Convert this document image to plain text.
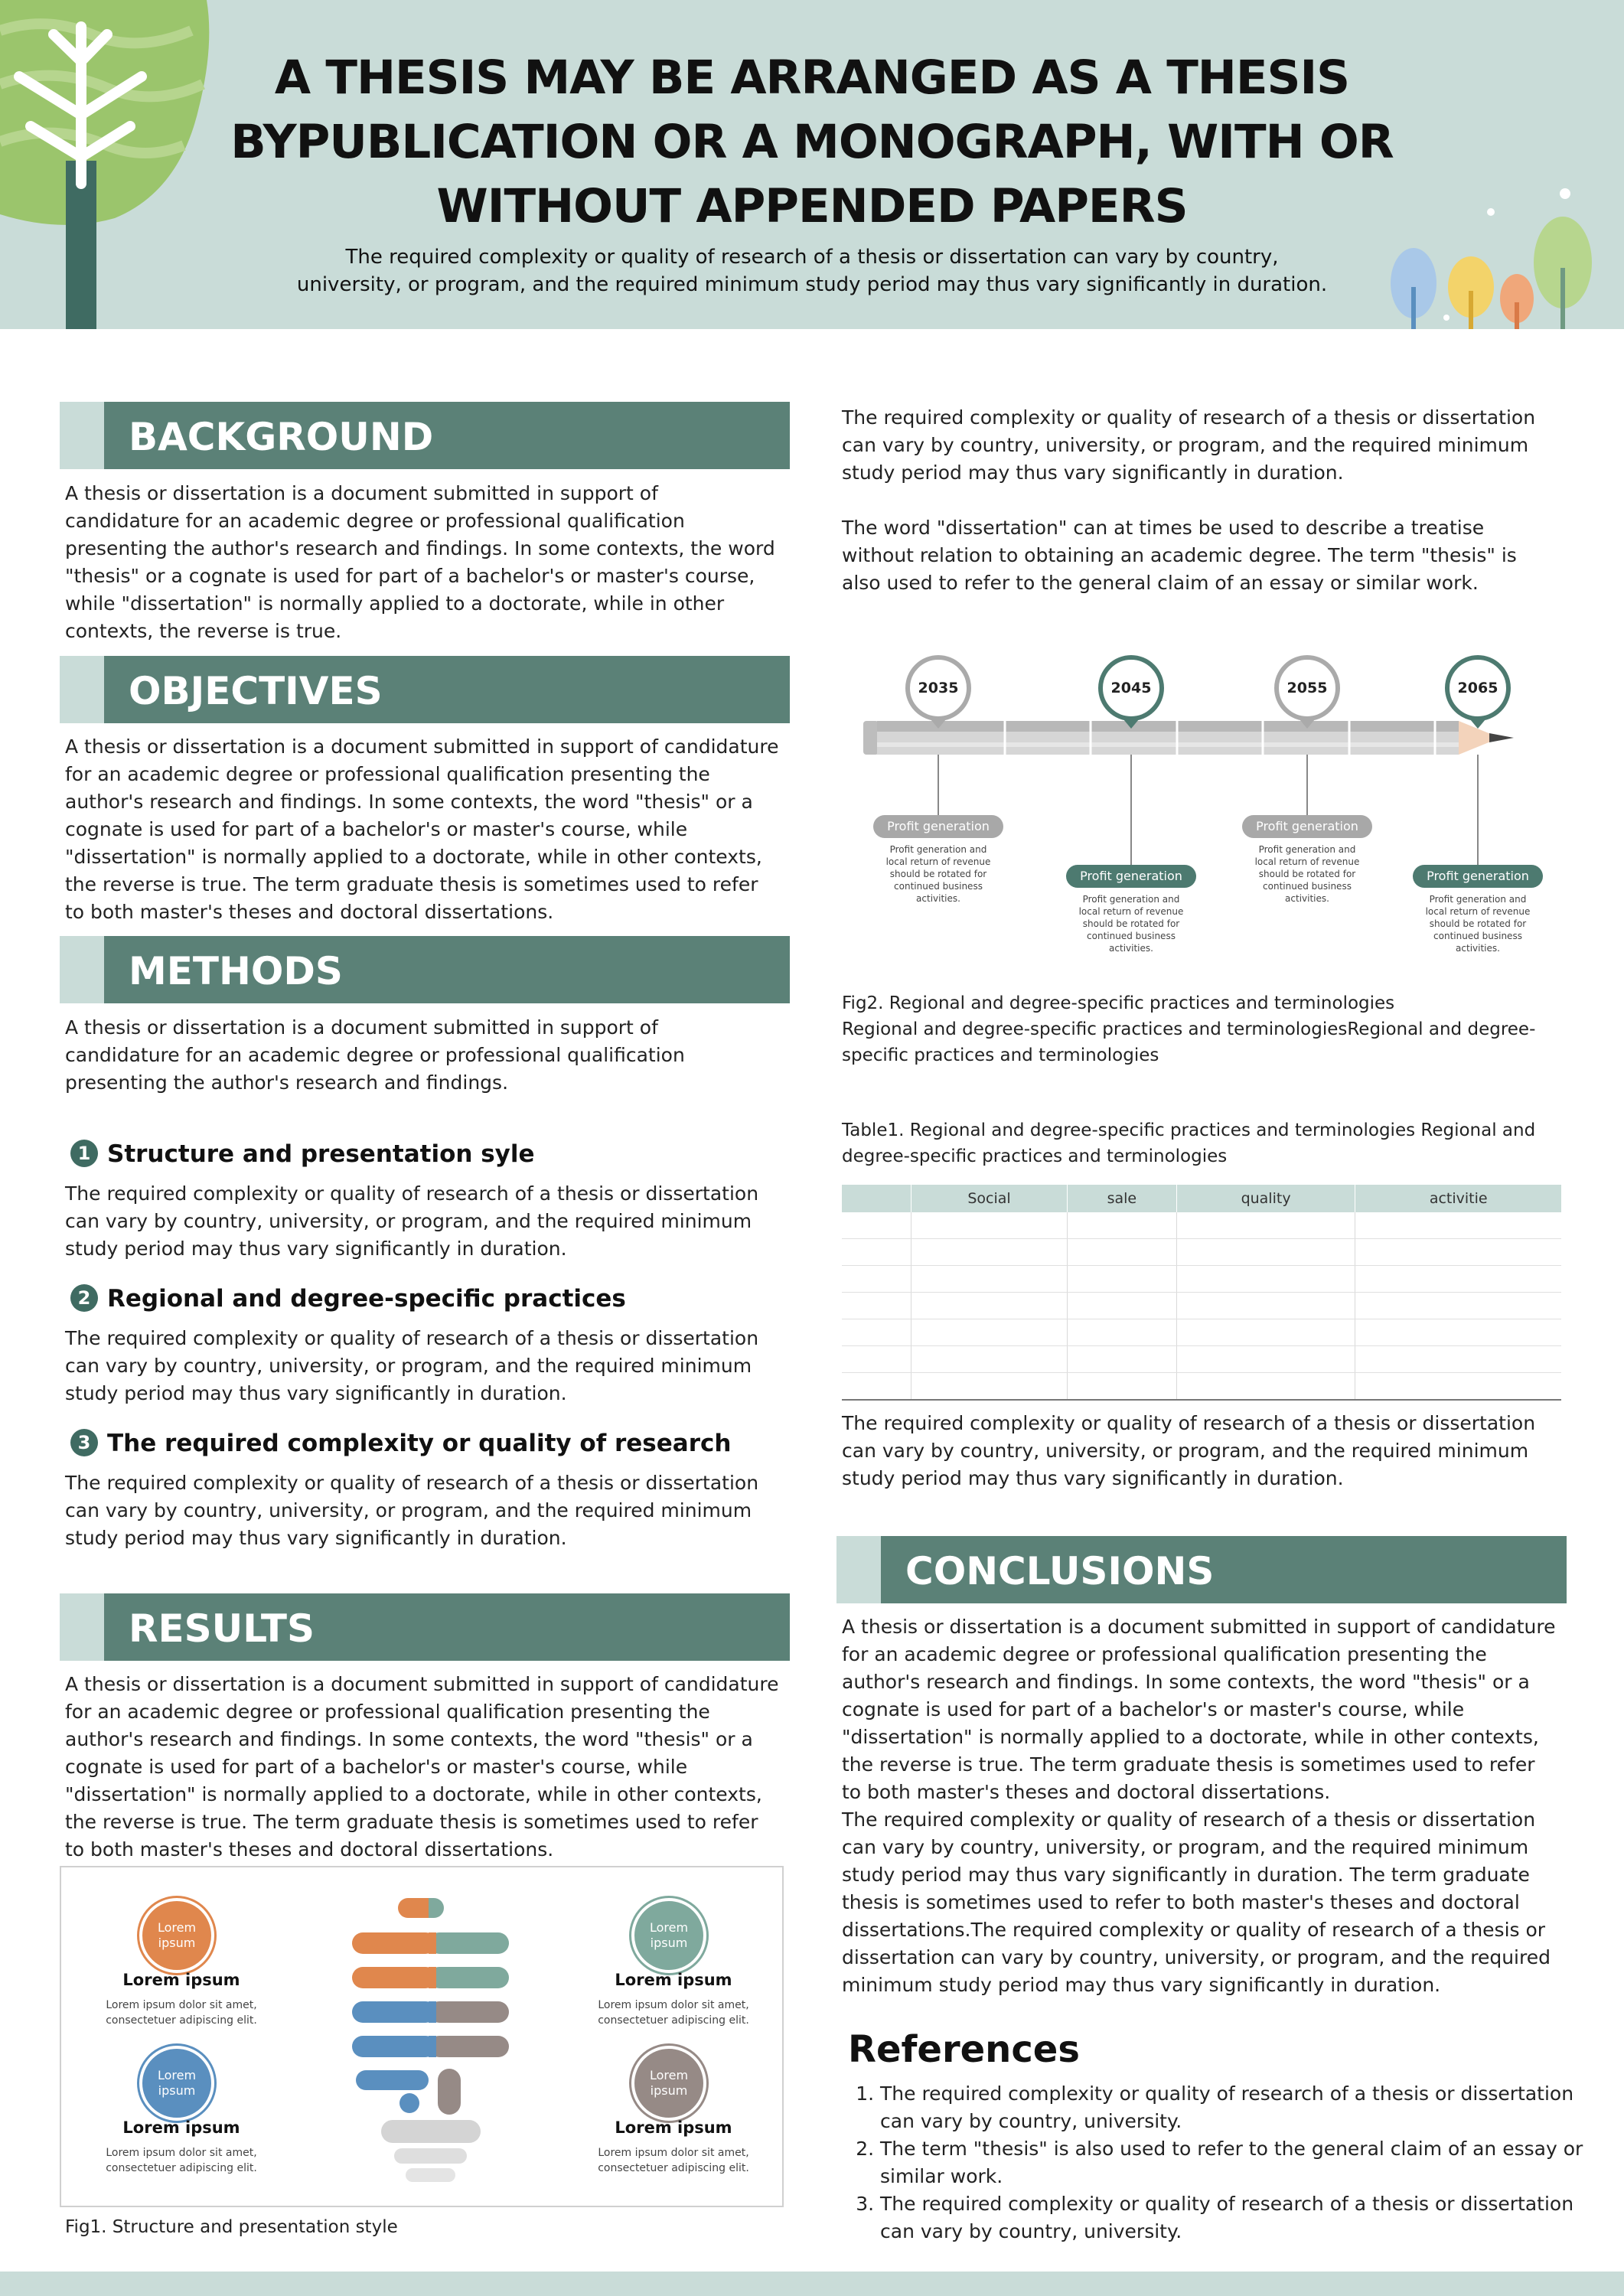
A THESIS MAY BE ARRANGED AS A THESIS BYPUBLICATION OR A MONOGRAPH, WITH OR WITHOUT APPENDED PAPERS
The required complexity or quality of research of a thesis or dissertation can vary by country, university, or program, and the required minimum study period may thus vary significantly in duration.
BACKGROUND
A thesis or dissertation is a document submitted in support of candidature for an academic degree or professional qualification presenting the author's research and findings. In some contexts, the word "thesis" or a cognate is used for part of a bachelor's or master's course, while "dissertation" is normally applied to a doctorate, while in other contexts, the reverse is true.
OBJECTIVES
A thesis or dissertation is a document submitted in support of candidature for an academic degree or professional qualification presenting the author's research and findings. In some contexts, the word "thesis" or a cognate is used for part of a bachelor's or master's course, while "dissertation" is normally applied to a doctorate, while in other contexts, the reverse is true. The term graduate thesis is sometimes used to refer to both master's theses and doctoral dissertations.
METHODS
A thesis or dissertation is a document submitted in support of candidature for an academic degree or professional qualification presenting the author's research and findings.
1 Structure and presentation syle
The required complexity or quality of research of a thesis or dissertation can vary by country, university, or program, and the required minimum study period may thus vary significantly in duration.
2 Regional and degree-specific practices
The required complexity or quality of research of a thesis or dissertation can vary by country, university, or program, and the required minimum study period may thus vary significantly in duration.
3 The required complexity or quality of research
The required complexity or quality of research of a thesis or dissertation can vary by country, university, or program, and the required minimum study period may thus vary significantly in duration.
RESULTS
A thesis or dissertation is a document submitted in support of candidature for an academic degree or professional qualification presenting the author's research and findings. In some contexts, the word "thesis" or a cognate is used for part of a bachelor's or master's course, while "dissertation" is normally applied to a doctorate, while in other contexts, the reverse is true. The term graduate thesis is sometimes used to refer to both master's theses and doctoral dissertations.
Lorem ipsum
Lorem ipsum
Lorem ipsum dolor sit amet, consectetuer adipiscing elit.
Lorem ipsum
Lorem ipsum
Lorem ipsum dolor sit amet, consectetuer adipiscing elit.
Lorem ipsum
Lorem ipsum
Lorem ipsum dolor sit amet, consectetuer adipiscing elit.
Lorem ipsum
Lorem ipsum
Lorem ipsum dolor sit amet, consectetuer adipiscing elit.
Fig1. Structure and presentation style
The required complexity or quality of research of a thesis or dissertation can vary by country, university, or program, and the required minimum study period may thus vary significantly in duration.
The word "dissertation" can at times be used to describe a treatise without relation to obtaining an academic degree. The term "thesis" is also used to refer to the general claim of an essay or similar work.
2035	2045	2055	2065
Profit generation
Profit generation and local return of revenue should be rotated for continued business activities.
Profit generation
Profit generation and local return of revenue should be rotated for continued business activities.
Profit generation
Profit generation and local return of revenue should be rotated for continued business activities.
Profit generation
Profit generation and local return of revenue should be rotated for continued business activities.
Fig2. Regional and degree-specific practices and terminologies
Regional and degree-specific practices and terminologiesRegional and degree-specific practices and terminologies
Table1. Regional and degree-specific practices and terminologies Regional and degree-specific practices and terminologies
	Social	sale	quality	activitie

The required complexity or quality of research of a thesis or dissertation can vary by country, university, or program, and the required minimum study period may thus vary significantly in duration.
CONCLUSIONS
A thesis or dissertation is a document submitted in support of candidature for an academic degree or professional qualification presenting the author's research and findings. In some contexts, the word "thesis" or a cognate is used for part of a bachelor's or master's course, while "dissertation" is normally applied to a doctorate, while in other contexts, the reverse is true. The term graduate thesis is sometimes used to refer to both master's theses and doctoral dissertations.
The required complexity or quality of research of a thesis or dissertation can vary by country, university, or program, and the required minimum study period may thus vary significantly in duration. The term graduate thesis is sometimes used to refer to both master's theses and doctoral dissertations.The required complexity or quality of research of a thesis or dissertation can vary by country, university, or program, and the required minimum study period may thus vary significantly in duration.
References
1. The required complexity or quality of research of a thesis or dissertation can vary by country, university.
2. The term "thesis" is also used to refer to the general claim of an essay or similar work.
3. The required complexity or quality of research of a thesis or dissertation can vary by country, university.
